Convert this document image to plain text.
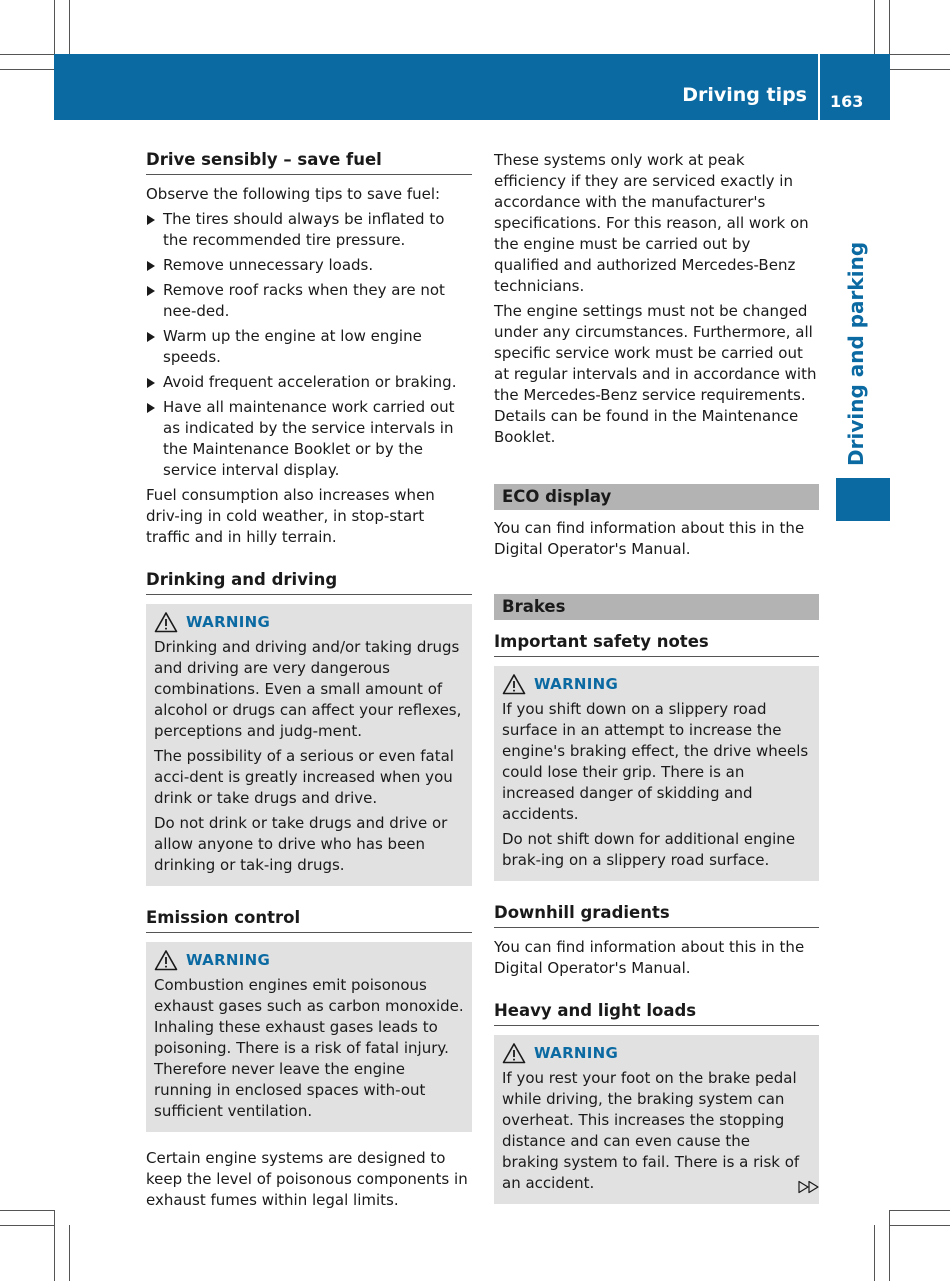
Driving tips 163
Driving and parking
Drive sensibly – save fuel

Observe the following tips to save fuel:

The tires should always be inflated to the recommended tire pressure.
Remove unnecessary loads.
Remove roof racks when they are not nee-ded.
Warm up the engine at low engine speeds.
Avoid frequent acceleration or braking.
Have all maintenance work carried out as indicated by the service intervals in the Maintenance Booklet or by the service interval display.

Fuel consumption also increases when driv-ing in cold weather, in stop-start traffic and in hilly terrain.

Drinking and driving
WARNING

Drinking and driving and/or taking drugs and driving are very dangerous combinations. Even a small amount of alcohol or drugs can affect your reflexes, perceptions and judg-ment.

The possibility of a serious or even fatal acci-dent is greatly increased when you drink or take drugs and drive.

Do not drink or take drugs and drive or allow anyone to drive who has been drinking or tak-ing drugs.

Emission control
WARNING

Combustion engines emit poisonous exhaust gases such as carbon monoxide. Inhaling these exhaust gases leads to poisoning. There is a risk of fatal injury. Therefore never leave the engine running in enclosed spaces with-out sufficient ventilation.

Certain engine systems are designed to keep the level of poisonous components in exhaust fumes within legal limits.

These systems only work at peak efficiency if they are serviced exactly in accordance with the manufacturer's specifications. For this reason, all work on the engine must be carried out by qualified and authorized Mercedes-Benz technicians.

The engine settings must not be changed under any circumstances. Furthermore, all specific service work must be carried out at regular intervals and in accordance with the Mercedes-Benz service requirements. Details can be found in the Maintenance Booklet.

ECO display

You can find information about this in the Digital Operator's Manual.

Brakes
Important safety notes
WARNING

If you shift down on a slippery road surface in an attempt to increase the engine's braking effect, the drive wheels could lose their grip. There is an increased danger of skidding and accidents.

Do not shift down for additional engine brak-ing on a slippery road surface.

Downhill gradients

You can find information about this in the Digital Operator's Manual.

Heavy and light loads
WARNING

If you rest your foot on the brake pedal while driving, the braking system can overheat. This increases the stopping distance and can even cause the braking system to fail. There is a risk of an accident.
